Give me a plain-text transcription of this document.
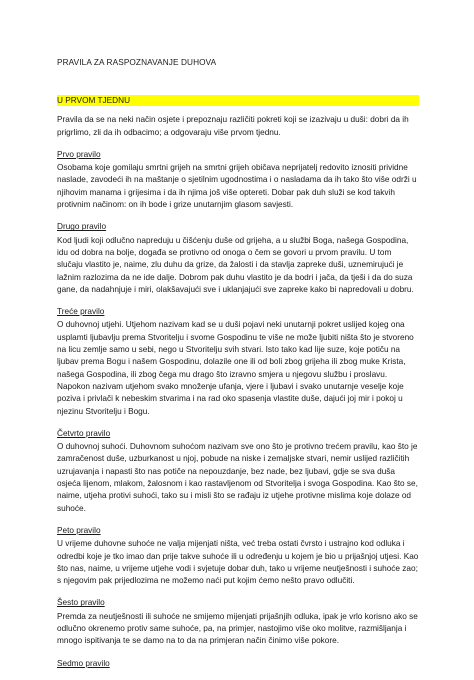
PRAVILA ZA RASPOZNAVANJE DUHOVA

U PRVOM TJEDNU

Pravila da se na neki način osjete i prepoznaju različiti pokreti koji se izazivaju u duši: dobri da ih prigrlimo, zli da ih odbacimo; a odgovaraju više prvom tjednu.

Prvo pravilo

Osobama koje gomilaju smrtni grijeh na smrtni grijeh običava neprijatelj redovito iznositi prividne naslade, zavodeći ih na maštanje o sjetilnim ugodnostima i o nasladama da ih tako što više održi u njihovim manama i grijesima i da ih njima još više optereti. Dobar pak duh služi se kod takvih protivnim načinom: on ih bode i grize unutarnjim glasom savjesti.

Drugo pravilo

Kod ljudi koji odlučno napreduju u čišćenju duše od grijeha, a u službi Boga, našega Gospodina, idu od dobra na bolje, događa se protivno od onoga o čem se govori u prvom pravilu. U tom slučaju vlastito je, naime, zlu duhu da grize, da žalosti i da stavlja zapreke duši, uznemirujući je lažnim razlozima da ne ide dalje. Dobrom pak duhu vlastito je da bodri i jača, da tješi i da do suza gane, da nadahnjuje i miri, olakšavajući sve i uklanjajući sve zapreke kako bi napredovali u dobru.

Treće pravilo

O duhovnoj utjehi. Utjehom nazivam kad se u duši pojavi neki unutarnji pokret uslijed kojeg ona usplamti ljubavlju prema Stvoritelju i svome Gospodinu te više ne može ljubiti ništa što je stvoreno na licu zemlje samo u sebi, nego u Stvoritelju svih stvari. Isto tako kad lije suze, koje potiču na ljubav prema Bogu i našem Gospodinu, dolazile one ili od boli zbog grijeha ili zbog muke Krista, našega Gospodina, ili zbog čega mu drago što izravno smjera u njegovu službu i proslavu. Napokon nazivam utjehom svako množenje ufanja, vjere i ljubavi i svako unutarnje veselje koje poziva i privlači k nebeskim stvarima i na rad oko spasenja vlastite duše, dajući joj mir i pokoj u njezinu Stvoritelju i Bogu.

Četvrto pravilo

O duhovnoj suhoći. Duhovnom suhoćom nazivam sve ono što je protivno trećem pravilu, kao što je zamračenost duše, uzburkanost u njoj, pobude na niske i zemaljske stvari, nemir uslijed različitih uzrujavanja i napasti što nas potiče na nepouzdanje, bez nade, bez ljubavi, gdje se sva duša osjeća lijenom, mlakom, žalosnom i kao rastavljenom od Stvoritelja i svoga Gospodina. Kao što se, naime, utjeha protivi suhoći, tako su i misli što se rađaju iz utjehe protivne mislima koje dolaze od suhoće.

Peto pravilo

U vrijeme duhovne suhoće ne valja mijenjati ništa, već treba ostati čvrsto i ustrajno kod odluka i odredbi koje je tko imao dan prije takve suhoće ili u određenju u kojem je bio u prijašnjoj utjesi. Kao što nas, naime, u vrijeme utjehe vodi i svjetuje dobar duh, tako u vrijeme neutješnosti i suhoće zao; s njegovim pak prijedlozima ne možemo naći put kojim ćemo nešto pravo odlučiti.

Šesto pravilo

Premda za neutješnosti ili suhoće ne smijemo mijenjati prijašnjih odluka, ipak je vrlo korisno ako se odlučno okrenemo protiv same suhoće, pa, na primjer, nastojimo više oko molitve, razmišljanja i mnogo ispitivanja te se damo na to da na primjeran način činimo više pokore.

Sedmo pravilo
